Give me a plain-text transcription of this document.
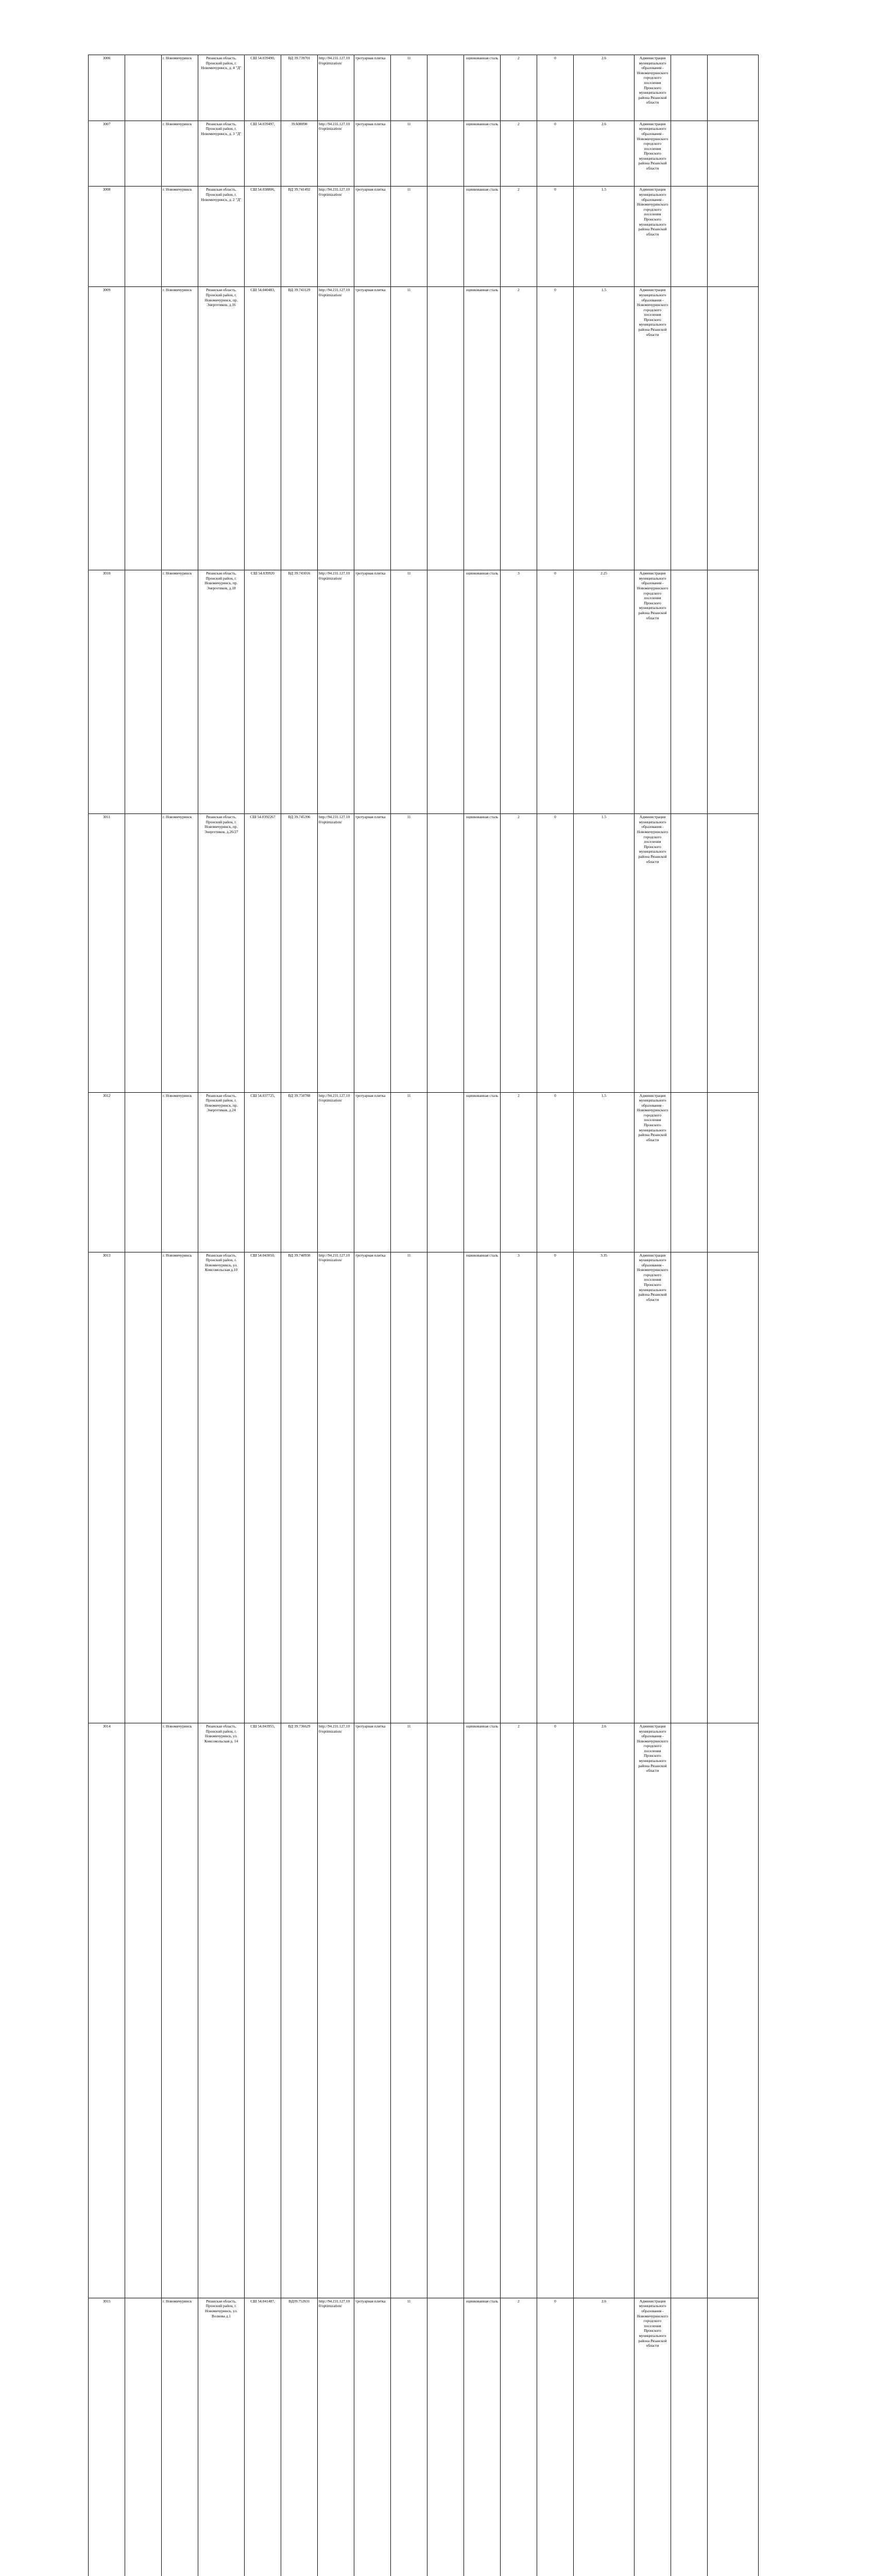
3006		г. Новомичуринск	Рязанская область, Пронский район, г. Новомичуринск, д. 4 "Д"	СШ 54.039490,	ВД 39.739701	http://94.231.127.10 0/optimization/	тротуарная плитка	11		оцинкованная сталь	2	0	2.6	Администрация муниципального образования - Новомичуринского городского поселения Пронского муниципального района Рязанской области			
3007		г. Новомичуринск	Рязанская область, Пронский район, г. Новомичуринск, д. 3 "Д"	СШ 54.039497,	39.608098	http://94.231.127.10 0/optimization/	тротуарная плитка	11		оцинкованная сталь	2	0	2.6	Администрация муниципального образования - Новомичуринского городского поселения Пронского муниципального района Рязанской области			
3008		г. Новомичуринск	Рязанская область, Пронский район, г. Новомичуринск, д. 2 "Д"	СШ 54.038806,	ВД 39.741492	http://94.231.127.10 0/optimization/	тротуарная плитка	11		оцинкованная сталь	2	0	1.5	Администрация муниципального образования - Новомичуринского городского поселения Пронского муниципального района Рязанской области			
3009		г. Новомичуринск	Рязанская область, Пронский район, г. Новомичуринск, пр. Энергетиков, д.16	СШ 54.040483,	ВД 39.743129	http://94.231.127.10 0/optimization/	тротуарная плитка	11		оцинкованная сталь	2	0	1.5	Администрация муниципального образования - Новомичуринского городского поселения Пронского муниципального района Рязанской области			
3010		г. Новомичуринск	Рязанская область, Пронский район, г. Новомичуринск, пр. Энергетиков, д.18	СШ 54.039920	ВД 39.743016	http://94.231.127.10 0/optimization/	тротуарная плитка	11		оцинкованная сталь	3	0	2.25	Администрация муниципального образования - Новомичуринского городского поселения Пронского муниципального района Рязанской области			
3011		г. Новомичуринск	Рязанская область, Пронский район, г. Новомичуринск, пр. Энергетиков, д.26/27	СШ 54.0392267	ВД 39.745396	http://94.231.127.10 0/optimization/	тротуарная плитка	11		оцинкованная сталь	2	0	1.5	Администрация муниципального образования - Новомичуринского городского поселения Пронского муниципального района Рязанской области			
3012		г. Новомичуринск	Рязанская область, Пронский район, г. Новомичуринск, пр. Энергетиков, д.24	СШ 54.037725,	ВД 39.750788	http://94.231.127.10 0/optimization/	тротуарная плитка	11		оцинкованная сталь	2	0	1.5	Администрация муниципального образования - Новомичуринского городского поселения Пронского муниципального района Рязанской области			
3013		г. Новомичуринск	Рязанская область, Пронский район, г. Новомичуринск, ул. Комсомольская д.10	СШ 54.043050,	ВД 39.740930	http://94.231.127.10 0/optimization/	тротуарная плитка	11		оцинкованная сталь	3	0	3.35	Администрация муниципального образования - Новомичуринского городского поселения Пронского муниципального района Рязанской области			
3014		г. Новомичуринск	Рязанская область, Пронский район, г. Новомичуринск, ул. Комсомольская д. 14	СШ 54.043955,	ВД 39.736629	http://94.231.127.10 0/optimization/	тротуарная плитка	11		оцинкованная сталь	2	0	2.6	Администрация муниципального образования - Новомичуринского городского поселения Пронского муниципального района Рязанской области			
3015		г. Новомичуринск	Рязанская область, Пронский район, г. Новомичуринск, ул. Волкова д.1	СШ 54.041487,	ВД39.752631	http://94.231.127.10 0/optimization/	тротуарная плитка	11		оцинкованная сталь	2	0	2.6	Администрация муниципального образования - Новомичуринского городского поселения Пронского муниципального района Рязанской области			
